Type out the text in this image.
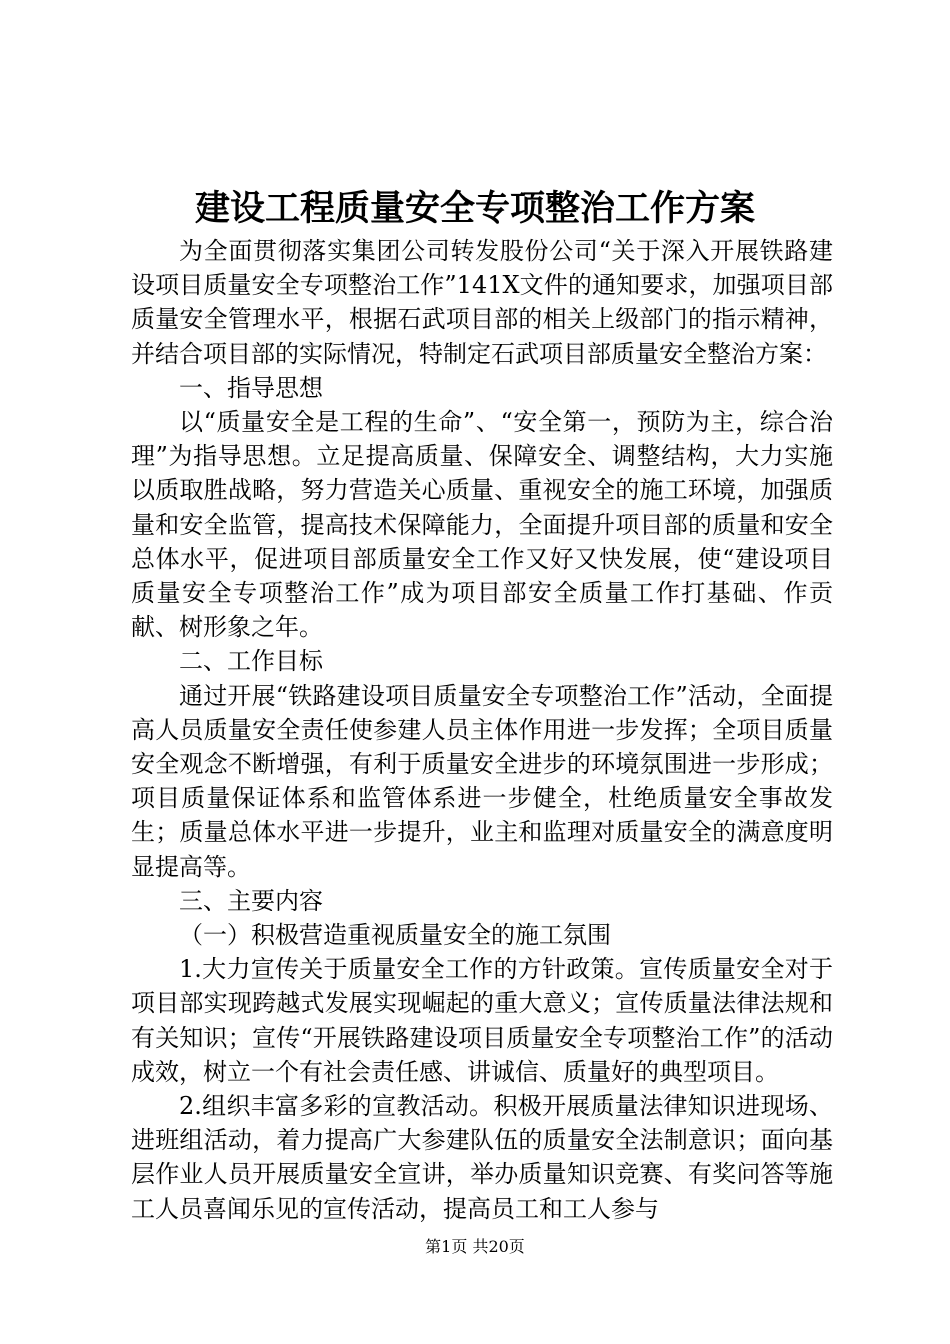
建设工程质量安全专项整治工作方案

为全面贯彻落实集团公司转发股份公司“关于深入开展铁路建设项目质量安全专项整治工作”141X文件的通知要求，加强项目部质量安全管理水平，根据石武项目部的相关上级部门的指示精神，并结合项目部的实际情况，特制定石武项目部质量安全整治方案：

一、指导思想

以“质量安全是工程的生命”、“安全第一，预防为主，综合治理”为指导思想。立足提高质量、保障安全、调整结构，大力实施以质取胜战略，努力营造关心质量、重视安全的施工环境，加强质量和安全监管，提高技术保障能力，全面提升项目部的质量和安全总体水平，促进项目部质量安全工作又好又快发展，使“建设项目质量安全专项整治工作”成为项目部安全质量工作打基础、作贡献、树形象之年。

二、工作目标

通过开展“铁路建设项目质量安全专项整治工作”活动，全面提高人员质量安全责任使参建人员主体作用进一步发挥；全项目质量安全观念不断增强，有利于质量安全进步的环境氛围进一步形成；项目质量保证体系和监管体系进一步健全，杜绝质量安全事故发生；质量总体水平进一步提升，业主和监理对质量安全的满意度明显提高等。

三、主要内容

（一）积极营造重视质量安全的施工氛围

1.大力宣传关于质量安全工作的方针政策。宣传质量安全对于项目部实现跨越式发展实现崛起的重大意义；宣传质量法律法规和有关知识；宣传“开展铁路建设项目质量安全专项整治工作”的活动成效，树立一个有社会责任感、讲诚信、质量好的典型项目。

2.组织丰富多彩的宣教活动。积极开展质量法律知识进现场、进班组活动，着力提高广大参建队伍的质量安全法制意识；面向基层作业人员开展质量安全宣讲，举办质量知识竞赛、有奖问答等施工人员喜闻乐见的宣传活动，提高员工和工人参与

第1页 共20页
